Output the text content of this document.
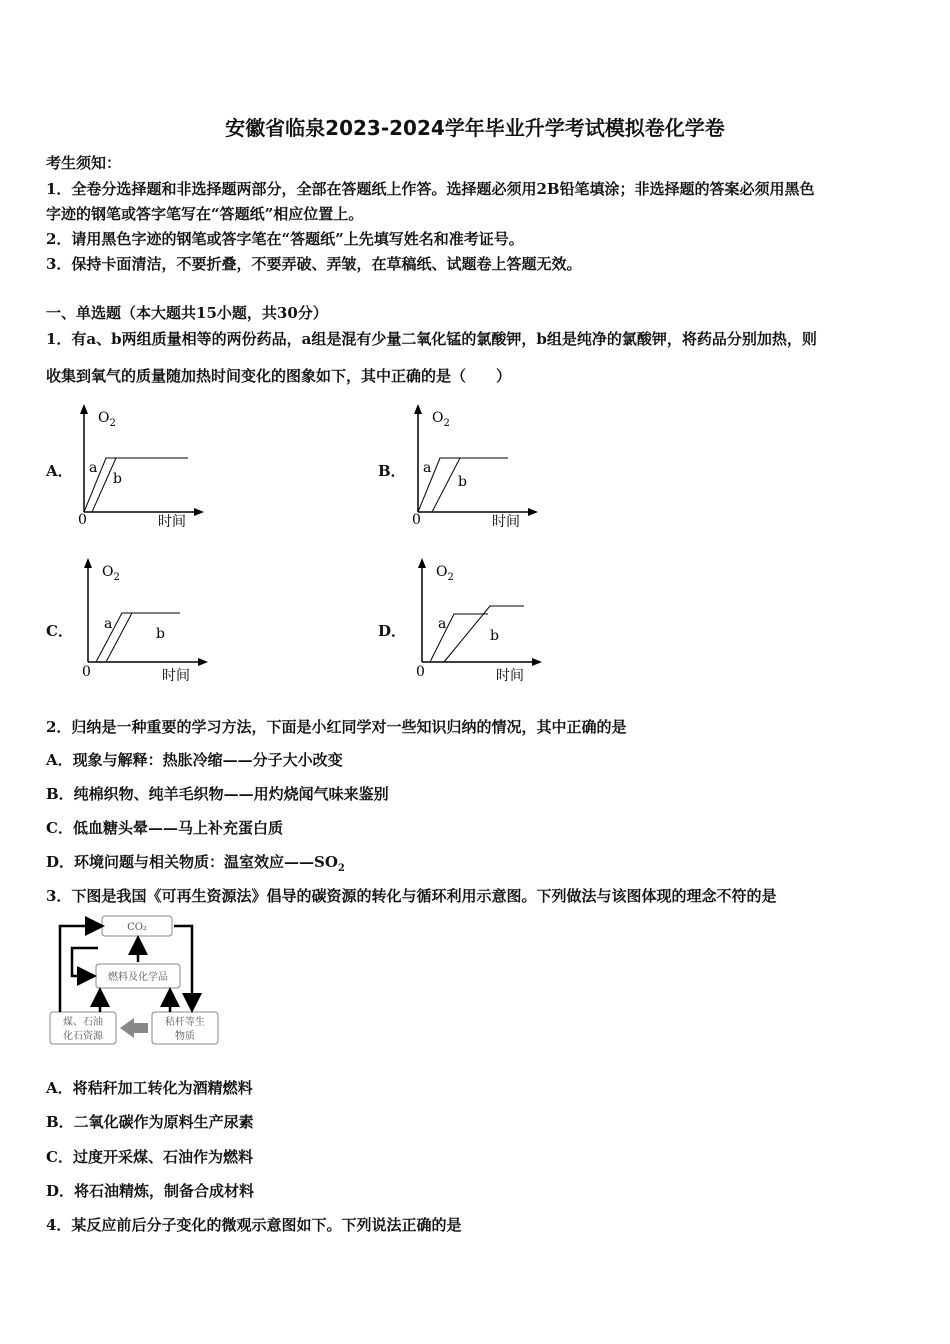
安徽省临泉2023-2024学年毕业升学考试模拟卷化学卷
考生须知：
1．全卷分选择题和非选择题两部分，全部在答题纸上作答。选择题必须用2B铅笔填涂；非选择题的答案必须用黑色
字迹的钢笔或答字笔写在“答题纸”相应位置上。
2．请用黑色字迹的钢笔或答字笔在“答题纸”上先填写姓名和准考证号。
3．保持卡面清洁，不要折叠，不要弄破、弄皱，在草稿纸、试题卷上答题无效。
一、单选题（本大题共15小题，共30分）
1．有a、b两组质量相等的两份药品，a组是混有少量二氧化锰的氯酸钾，b组是纯净的氯酸钾，将药品分别加热，则
收集到氧气的质量随加热时间变化的图象如下，其中正确的是（　　）
A．
$O_2$
0	时间
a
b	B．
$O_2$
0	时间
a
b
C．
$O_2$
0	时间
a
b	D．
$O_2$
0	时间
a
b
2．归纳是一种重要的学习方法，下面是小红同学对一些知识归纳的情况，其中正确的是
A．现象与解释：热胀冷缩——分子大小改变
B．纯棉织物、纯羊毛织物——用灼烧闻气味来鉴别
C．低血糖头晕——马上补充蛋白质
D．环境问题与相关物质：温室效应$——SO_2$
3．下图是我国《可再生资源法》倡导的碳资源的转化与循环利用示意图。下列做法与该图体现的理念不符的是
CO₂
燃料及化学品
煤、石油
化石资源
秸杆等生
物质
A．将秸秆加工转化为酒精燃料
B．二氧化碳作为原料生产尿素
C．过度开采煤、石油作为燃料
D．将石油精炼，制备合成材料
4．某反应前后分子变化的微观示意图如下。下列说法正确的是
